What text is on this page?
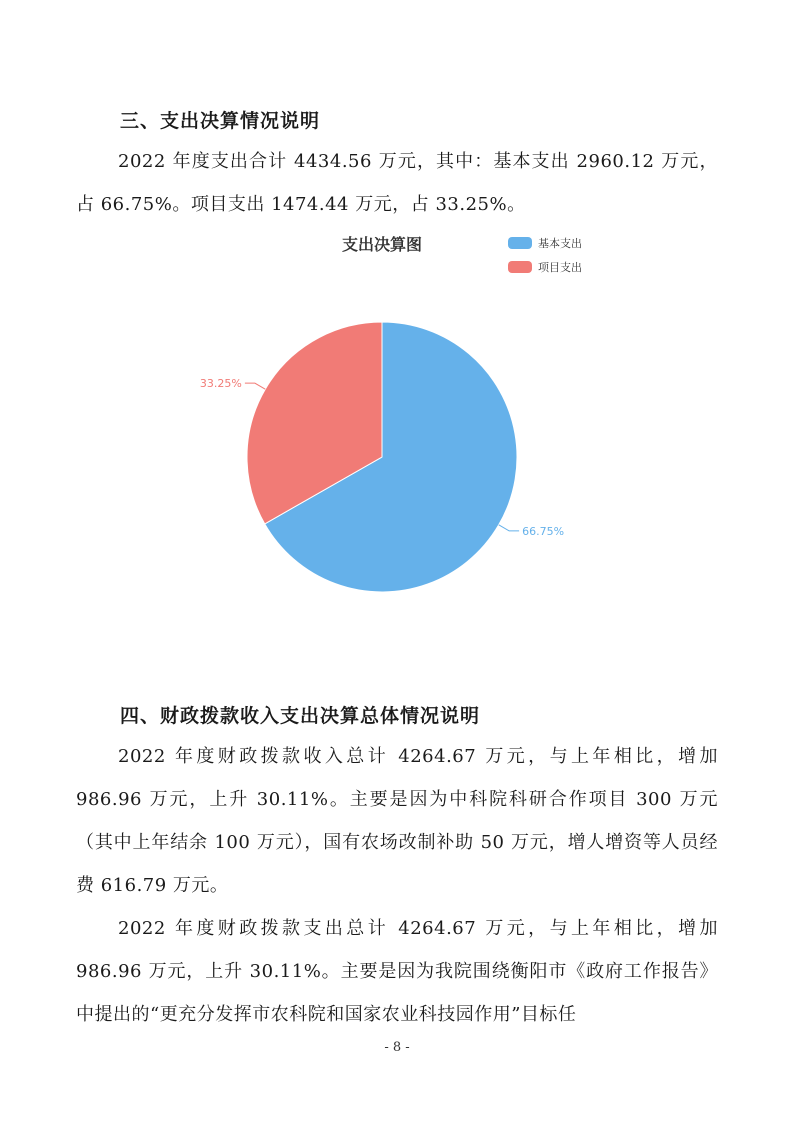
三、支出决算情况说明

2022 年度支出合计 4434.56 万元，其中：基本支出 2960.12 万元，占 66.75%。项目支出 1474.44 万元，占 33.25%。

支出决算图	基本支出
项目支出
66.75%
33.25%
四、财政拨款收入支出决算总体情况说明

2022 年度财政拨款收入总计 4264.67 万元，与上年相比，增加 986.96 万元，上升 30.11%。主要是因为中科院科研合作项目 300 万元（其中上年结余 100 万元），国有农场改制补助 50 万元，增人增资等人员经费 616.79 万元。

2022 年度财政拨款支出总计 4264.67 万元，与上年相比，增加 986.96 万元，上升 30.11%。主要是因为我院围绕衡阳市《政府工作报告》中提出的“更充分发挥市农科院和国家农业科技园作用”目标任

- 8 -
